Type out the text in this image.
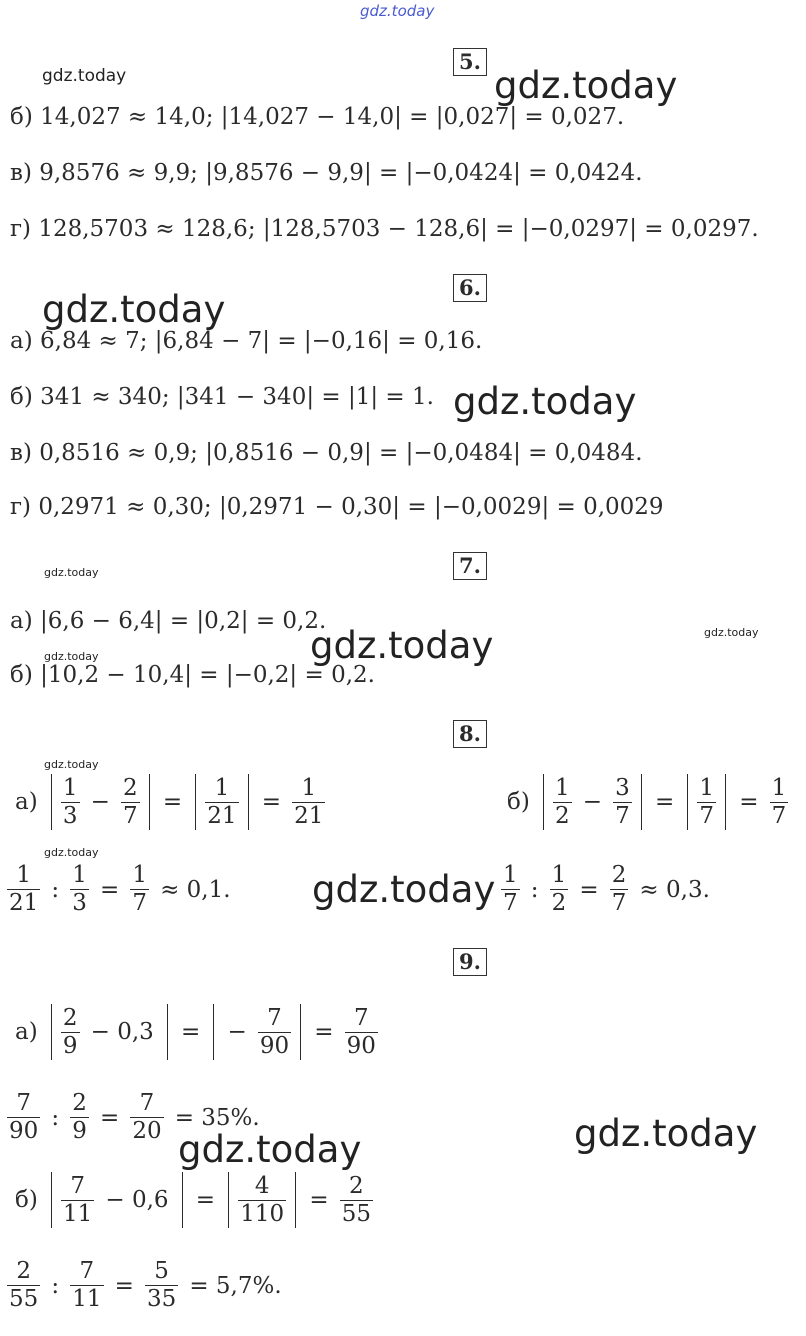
gdz.today
gdz.today	gdz.today
gdz.today
gdz.today
gdz.today
gdz.today	gdz.today
gdz.today
gdz.today
gdz.today
gdz.today
gdz.today
gdz.today
5.
б) 14,027 ≈ 14,0; |14,027 − 14,0| = |0,027| = 0,027.
в) 9,8576 ≈ 9,9; |9,8576 − 9,9| = |−0,0424| = 0,0424.
г) 128,5703 ≈ 128,6; |128,5703 − 128,6| = |−0,0297| = 0,0297.
6.
а) 6,84 ≈ 7; |6,84 − 7| = |−0,16| = 0,16.
б) 341 ≈ 340; |341 − 340| = |1| = 1.
в) 0,8516 ≈ 0,9; |0,8516 − 0,9| = |−0,0484| = 0,0484.
г) 0,2971 ≈ 0,30; |0,2971 − 0,30| = |−0,0029| = 0,0029
7.
а) |6,6 − 6,4| = |0,2| = 0,2.
б) |10,2 − 10,4| = |−0,2| = 0,2.
8.
$а) \frac{1}{3} - \frac{2}{7} = \frac{1}{21} = \frac{1}{21}$	$б) \frac{1}{2} - \frac{3}{7} = \frac{1}{7} = \frac{1}{7}$
$\frac{1}{21}$ : $\frac{1}{3} = \frac{1}{7} \approx 0,1$.	$\frac{1}{7}$ : $\frac{1}{2} = \frac{2}{7} \approx 0,3$.
9.
$а) \frac{2}{9} - 0,3$ = − $\frac{7}{90} = \frac{7}{90}$
$\frac{7}{90}$ : $\frac{2}{9} = \frac{7}{20} = 35\%$.
$б) \frac{7}{11} - 0,6 = \frac{4}{110} = \frac{2}{55}$
$\frac{2}{55}$ : $\frac{7}{11} = \frac{5}{35} = 5,7\%$.
